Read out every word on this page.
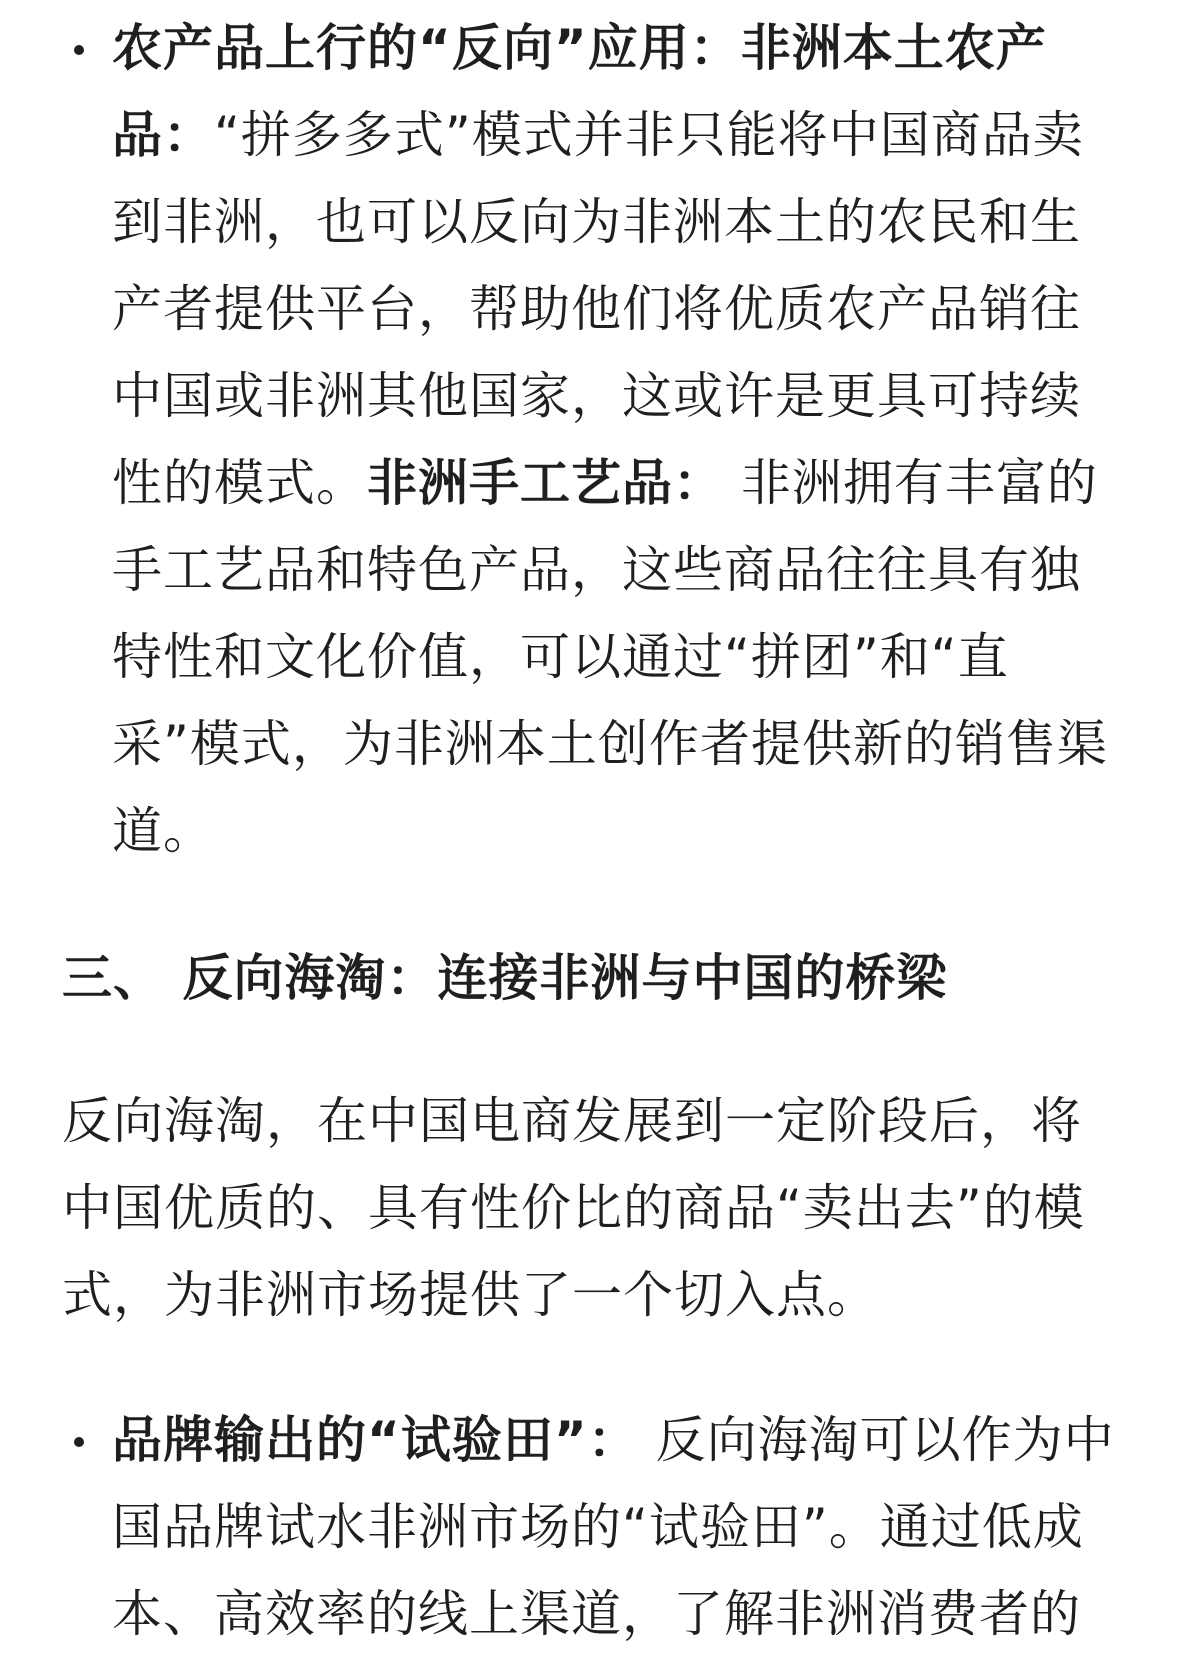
农产品上行的“反向”应用：非洲本土农产品：“拼多多式”模式并非只能将中国商品卖到非洲，也可以反向为非洲本土的农民和生产者提供平台，帮助他们将优质农产品销往中国或非洲其他国家，这或许是更具可持续性的模式。非洲手工艺品： 非洲拥有丰富的手工艺品和特色产品，这些商品往往具有独特性和文化价值，可以通过“拼团”和“直采”模式，为非洲本土创作者提供新的销售渠道。
三、 反向海淘：连接非洲与中国的桥梁
反向海淘，在中国电商发展到一定阶段后，将中国优质的、具有性价比的商品“卖出去”的模式，为非洲市场提供了一个切入点。
品牌输出的“试验田”： 反向海淘可以作为中国品牌试水非洲市场的“试验田”。通过低成本、高效率的线上渠道，了解非洲消费者的
